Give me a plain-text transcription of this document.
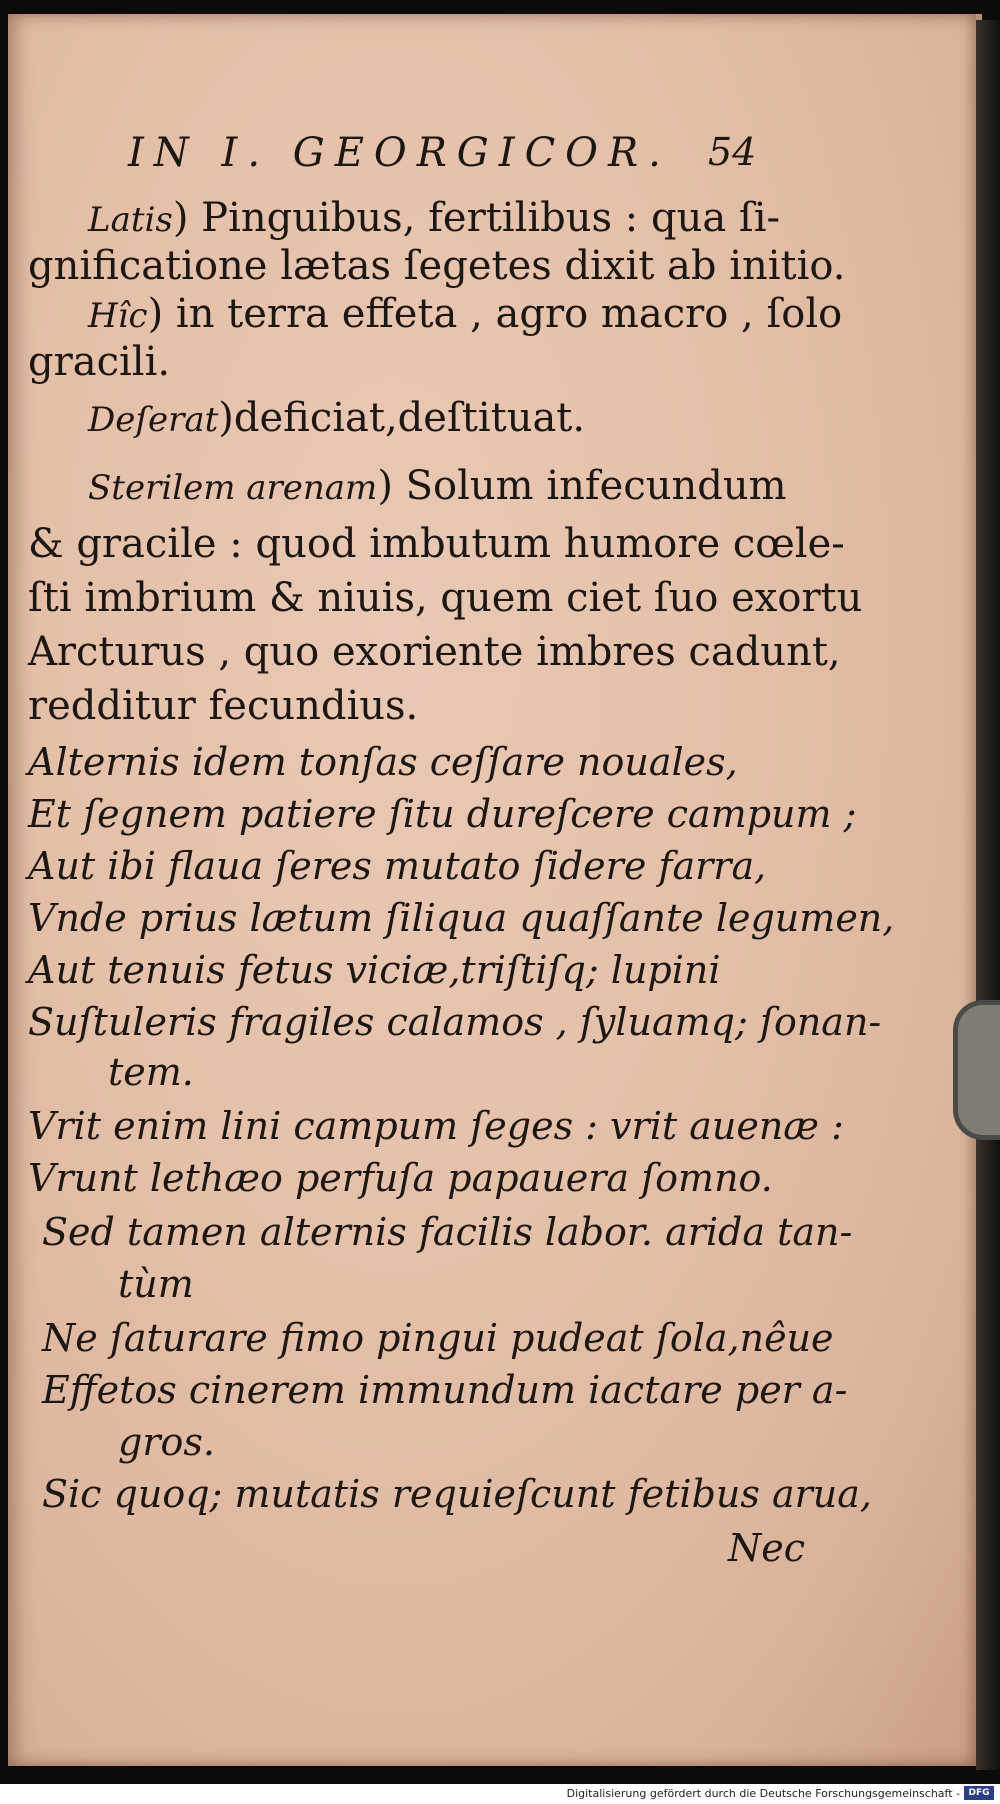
IN I. GEORGICOR. 54
Latis) Pinguibus, fertilibus : qua ſi-
gnificatione lætas ſegetes dixit ab initio.
Hîc) in terra effeta , agro macro , ſolo
gracili.
Deſerat)deficiat,deſtituat.
Sterilem arenam) Solum infecundum
& gracile : quod imbutum humore cœle-
ſti imbrium & niuis, quem ciet ſuo exortu
Arcturus , quo exoriente imbres cadunt,
redditur fecundius.
Alternis idem tonſas ceſſare nouales,
Et ſegnem patiere ſitu dureſcere campum ;
Aut ibi flaua ſeres mutato ſidere farra,
Vnde prius lætum ſiliqua quaſſante legumen,
Aut tenuis fetus viciæ,triſtiſq; lupini
Suſtuleris fragiles calamos , ſyluamq; ſonan-
tem.
Vrit enim lini campum ſeges : vrit auenæ :
Vrunt lethæo perfuſa papauera ſomno.
Sed tamen alternis facilis labor. arida tan-
tùm
Ne ſaturare fimo pingui pudeat ſola,nêue
Effetos cinerem immundum iactare per a-
gros.
Sic quoq; mutatis requieſcunt fetibus arua,
Nec
Digitalisierung gefördert durch die Deutsche Forschungsgemeinschaft - DFG
